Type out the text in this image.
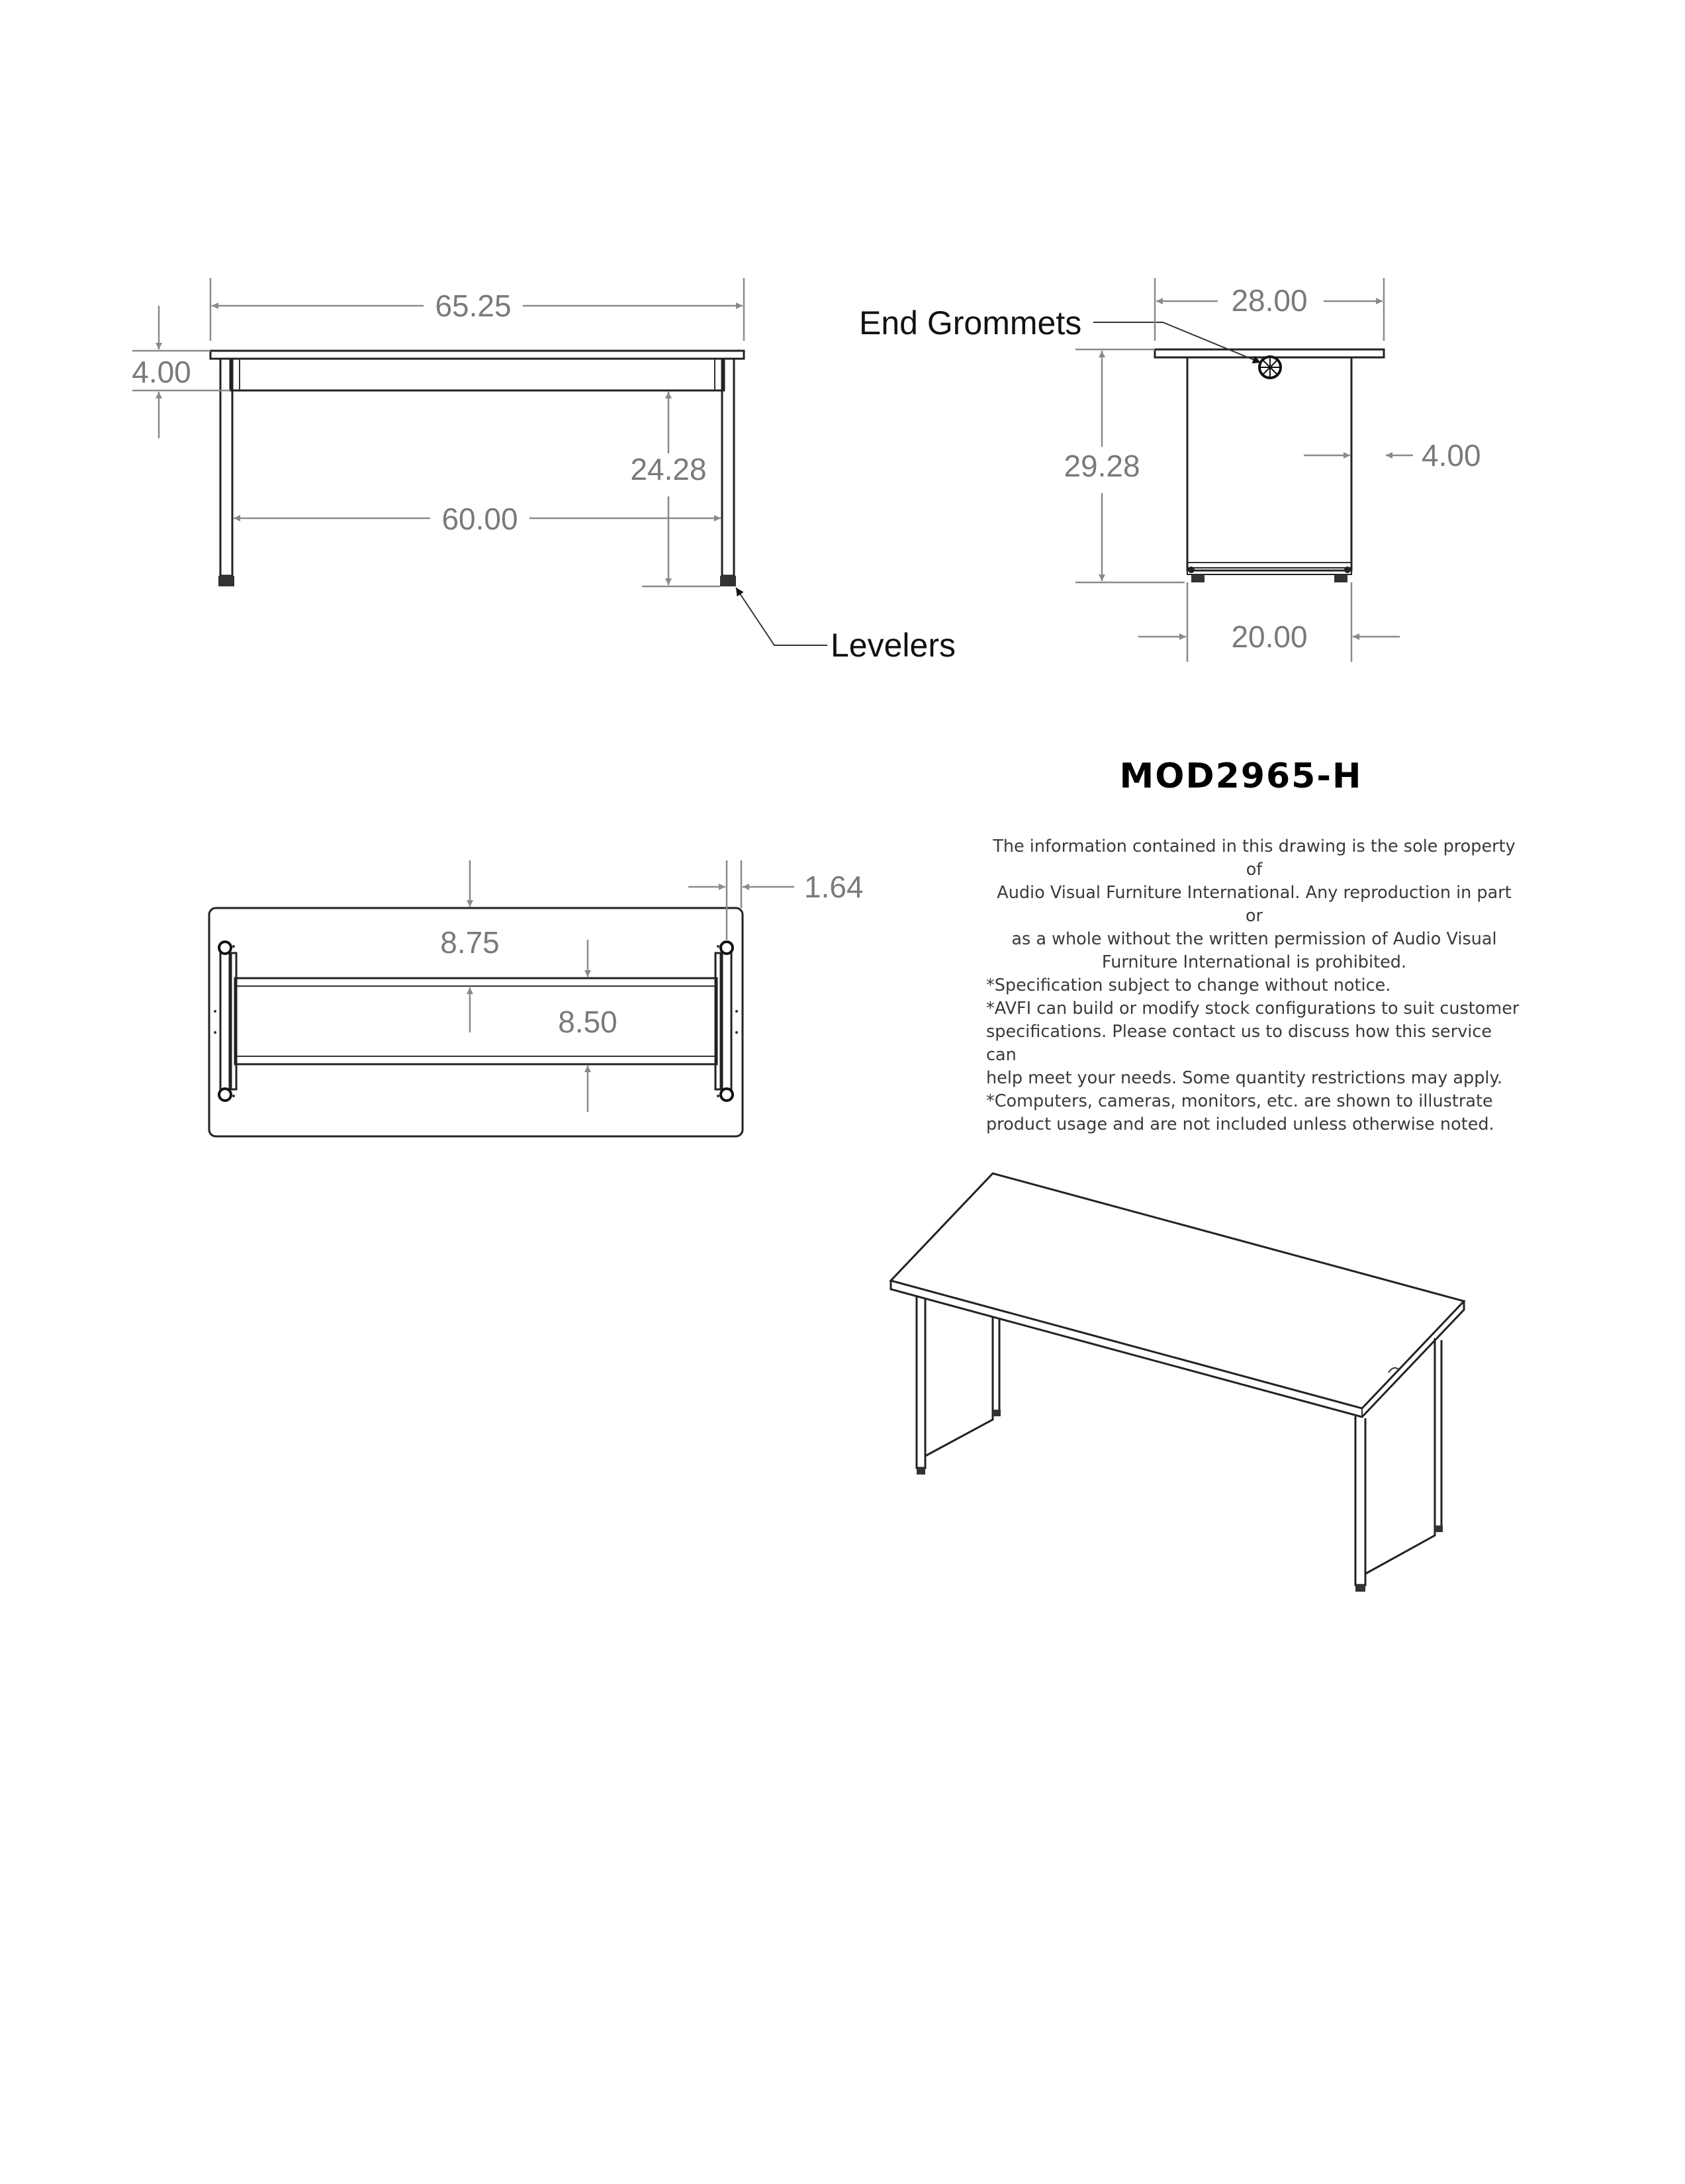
65.25
4.00
24.28
60.00
Levelers
End Grommets
28.00
29.28	4.00
20.00
MOD2965-H
1.64
8.75
8.50
The information contained in this drawing is the sole property of
Audio Visual Furniture International. Any reproduction in part or
as a whole without the written permission of Audio Visual
Furniture International is prohibited.
*Specification subject to change without notice.
*AVFI can build or modify stock configurations to suit customer
specifications. Please contact us to discuss how this service can
help meet your needs. Some quantity restrictions may apply.
*Computers, cameras, monitors, etc. are shown to illustrate
product usage and are not included unless otherwise noted.
